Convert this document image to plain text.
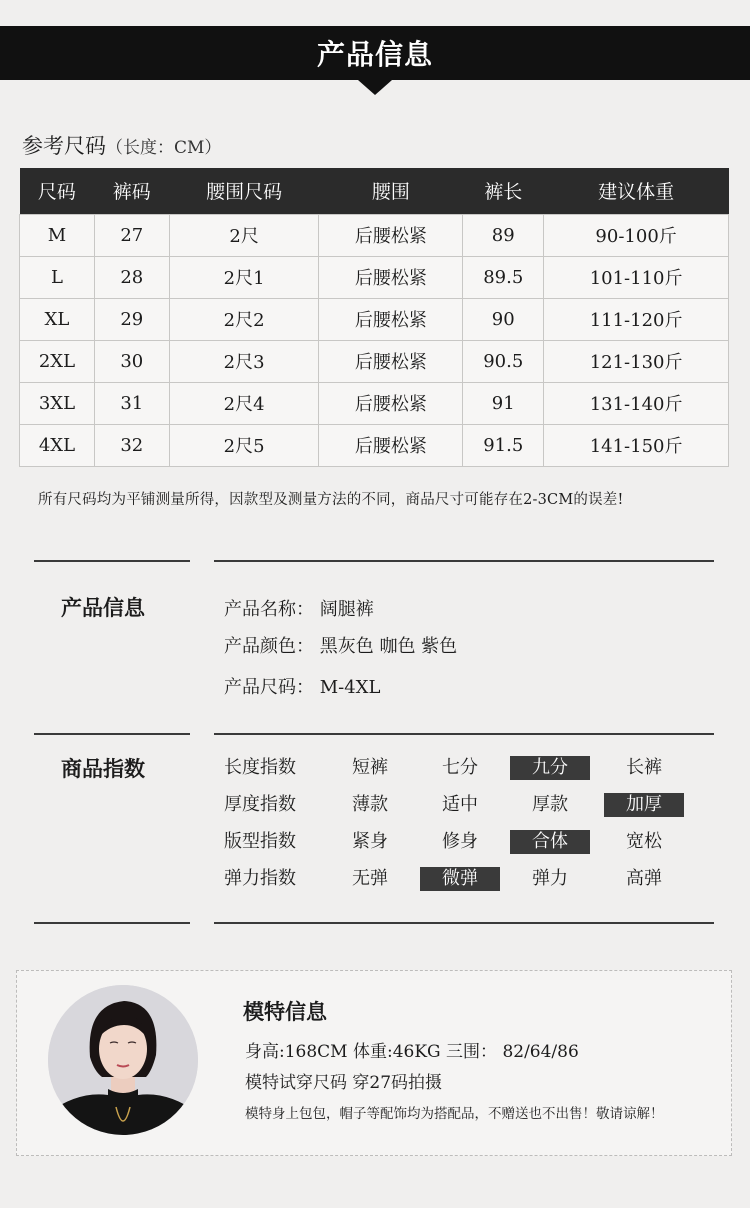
产品信息
参考尺码（长度：CM）
尺码	裤码	腰围尺码	腰围	裤长	建议体重
M	27	2尺	后腰松紧	89	90-100斤
L	28	2尺1	后腰松紧	89.5	101-110斤
XL	29	2尺2	后腰松紧	90	111-120斤
2XL	30	2尺3	后腰松紧	90.5	121-130斤
3XL	31	2尺4	后腰松紧	91	131-140斤
4XL	32	2尺5	后腰松紧	91.5	141-150斤
所有尺码均为平铺测量所得，因款型及测量方法的不同，商品尺寸可能存在2-3CM的误差!
产品信息	产品名称： 阔腿裤
产品颜色： 黑灰色 咖色 紫色
产品尺码： M-4XL
商品指数	长度指数	短裤	七分	九分	长裤
厚度指数	薄款	适中	厚款	加厚
版型指数	紧身	修身	合体	宽松
弹力指数	无弹	微弹	弹力	高弹
模特信息
身高:168CM 体重:46KG 三围： 82/64/86
模特试穿尺码 穿27码拍摄
模特身上包包，帽子等配饰均为搭配品，不赠送也不出售！敬请谅解！
